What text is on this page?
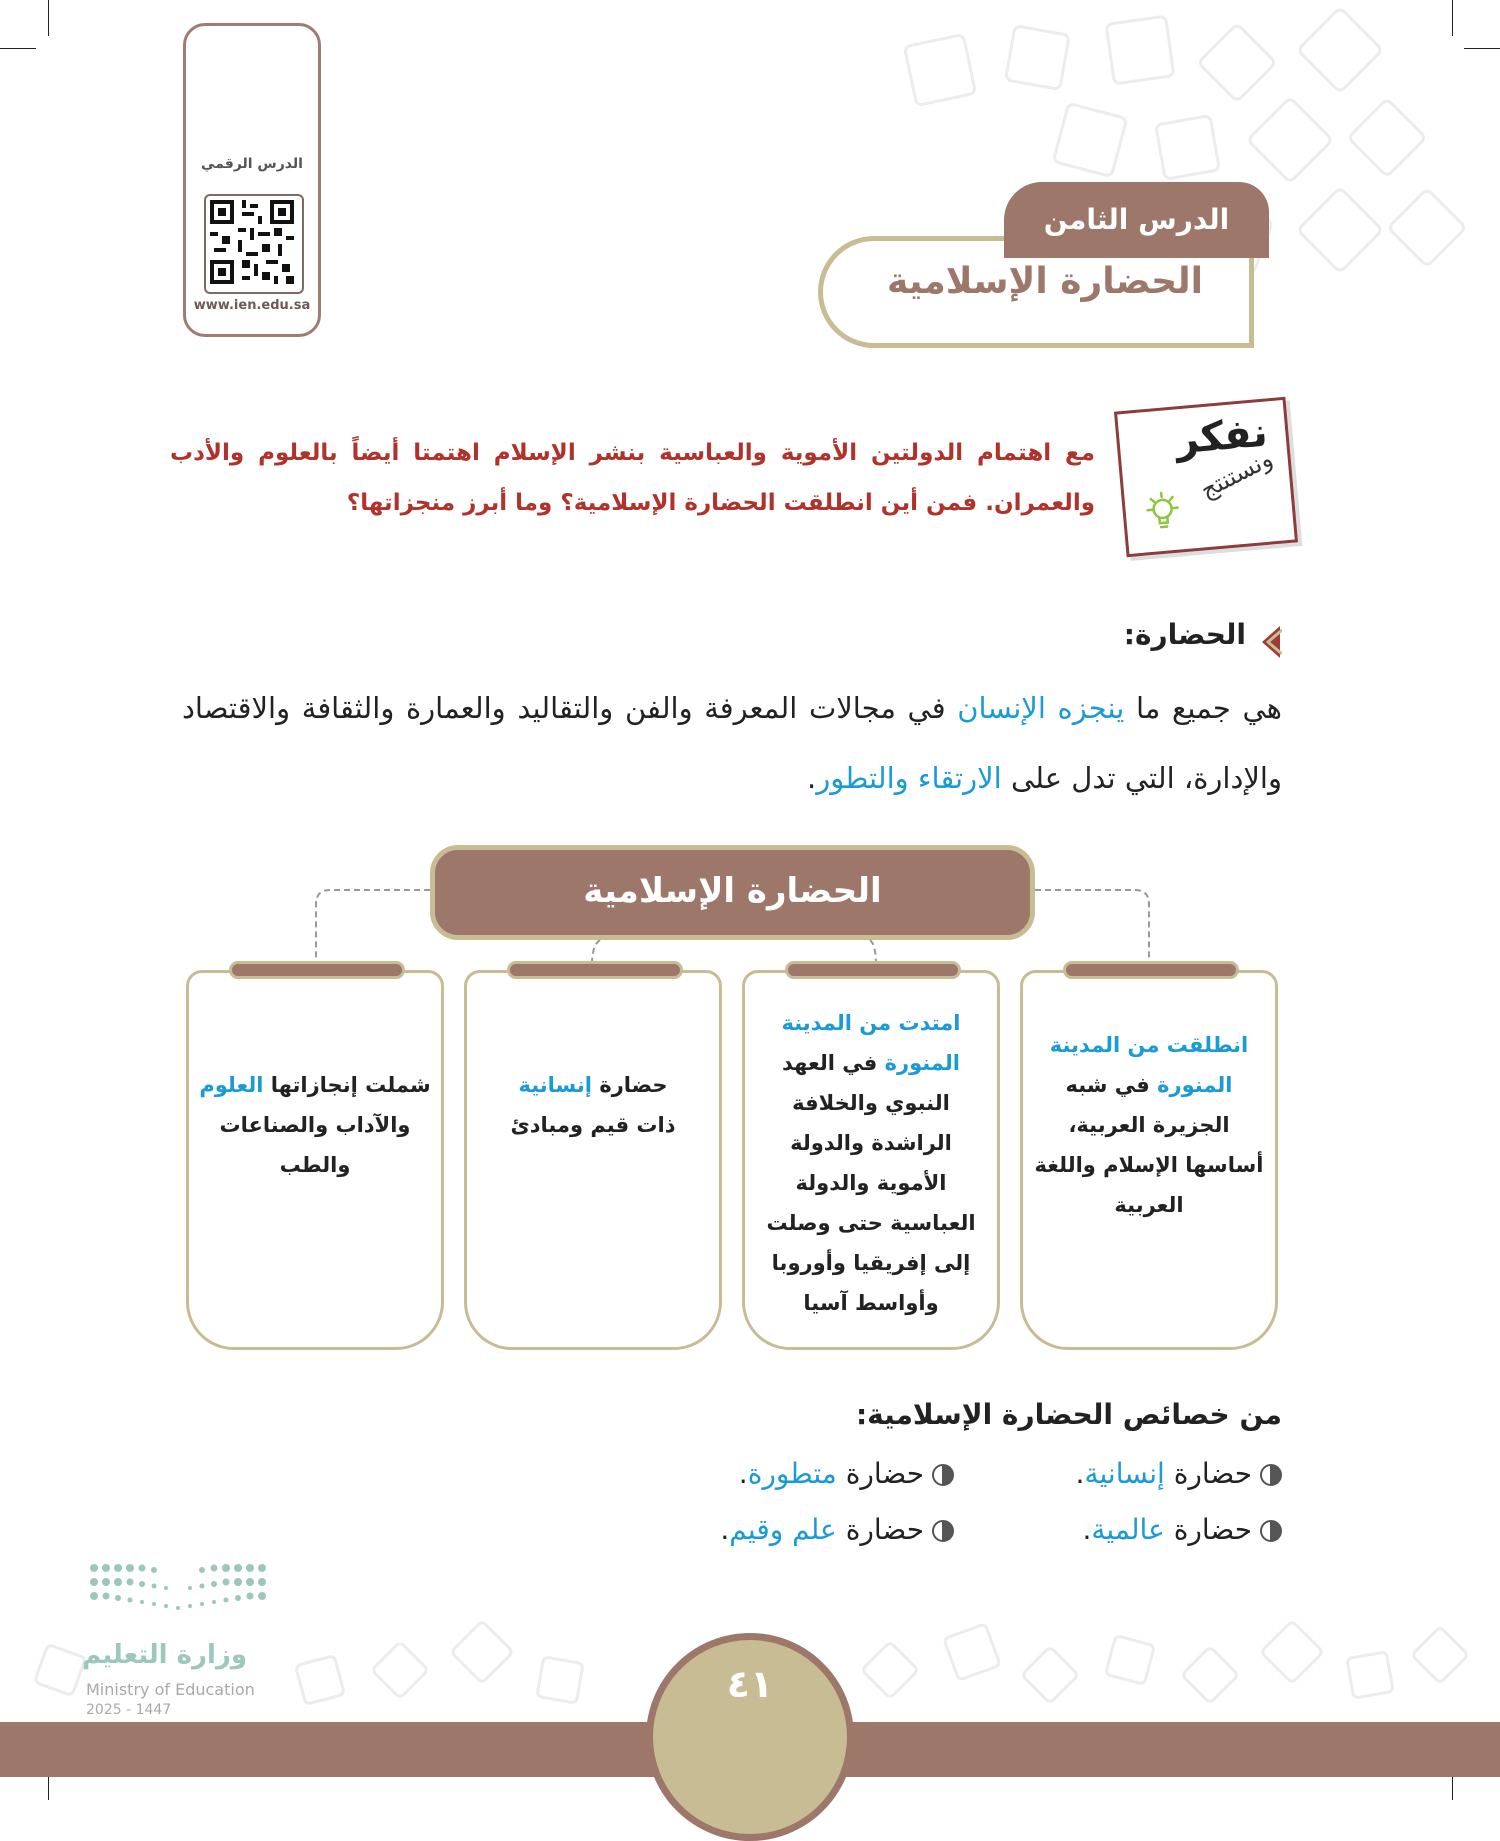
الدرس الرقمي
www.ien.edu.sa
الحضارة الإسلامية
الدرس الثامن
نفكر
ونستنتج
مع اهتمام الدولتين الأموية والعباسية بنشر الإسلام اهتمتا أيضاً بالعلوم والأدب والعمران. فمن أين انطلقت الحضارة الإسلامية؟ وما أبرز منجزاتها؟
الحضارة:
هي جميع ما ينجزه الإنسان في مجالات المعرفة والفن والتقاليد والعمارة والثقافة والاقتصاد والإدارة، التي تدل على الارتقاء والتطور.
الحضارة الإسلامية
انطلقت من المدينة المنورة في شبه الجزيرة العربية، أساسها الإسلام واللغة العربية
امتدت من المدينة المنورة في العهد النبوي والخلافة الراشدة والدولة الأموية والدولة العباسية حتى وصلت إلى إفريقيا وأوروبا وأواسط آسيا
حضارة إنسانية ذات قيم ومبادئ
شملت إنجازاتها العلوم والآداب والصناعات والطب
من خصائص الحضارة الإسلامية:
حضارة إنسانية.
حضارة متطورة.
حضارة عالمية.
حضارة علم وقيم.
وزارة التعليم
Ministry of Education
2025 - 1447
٤١
